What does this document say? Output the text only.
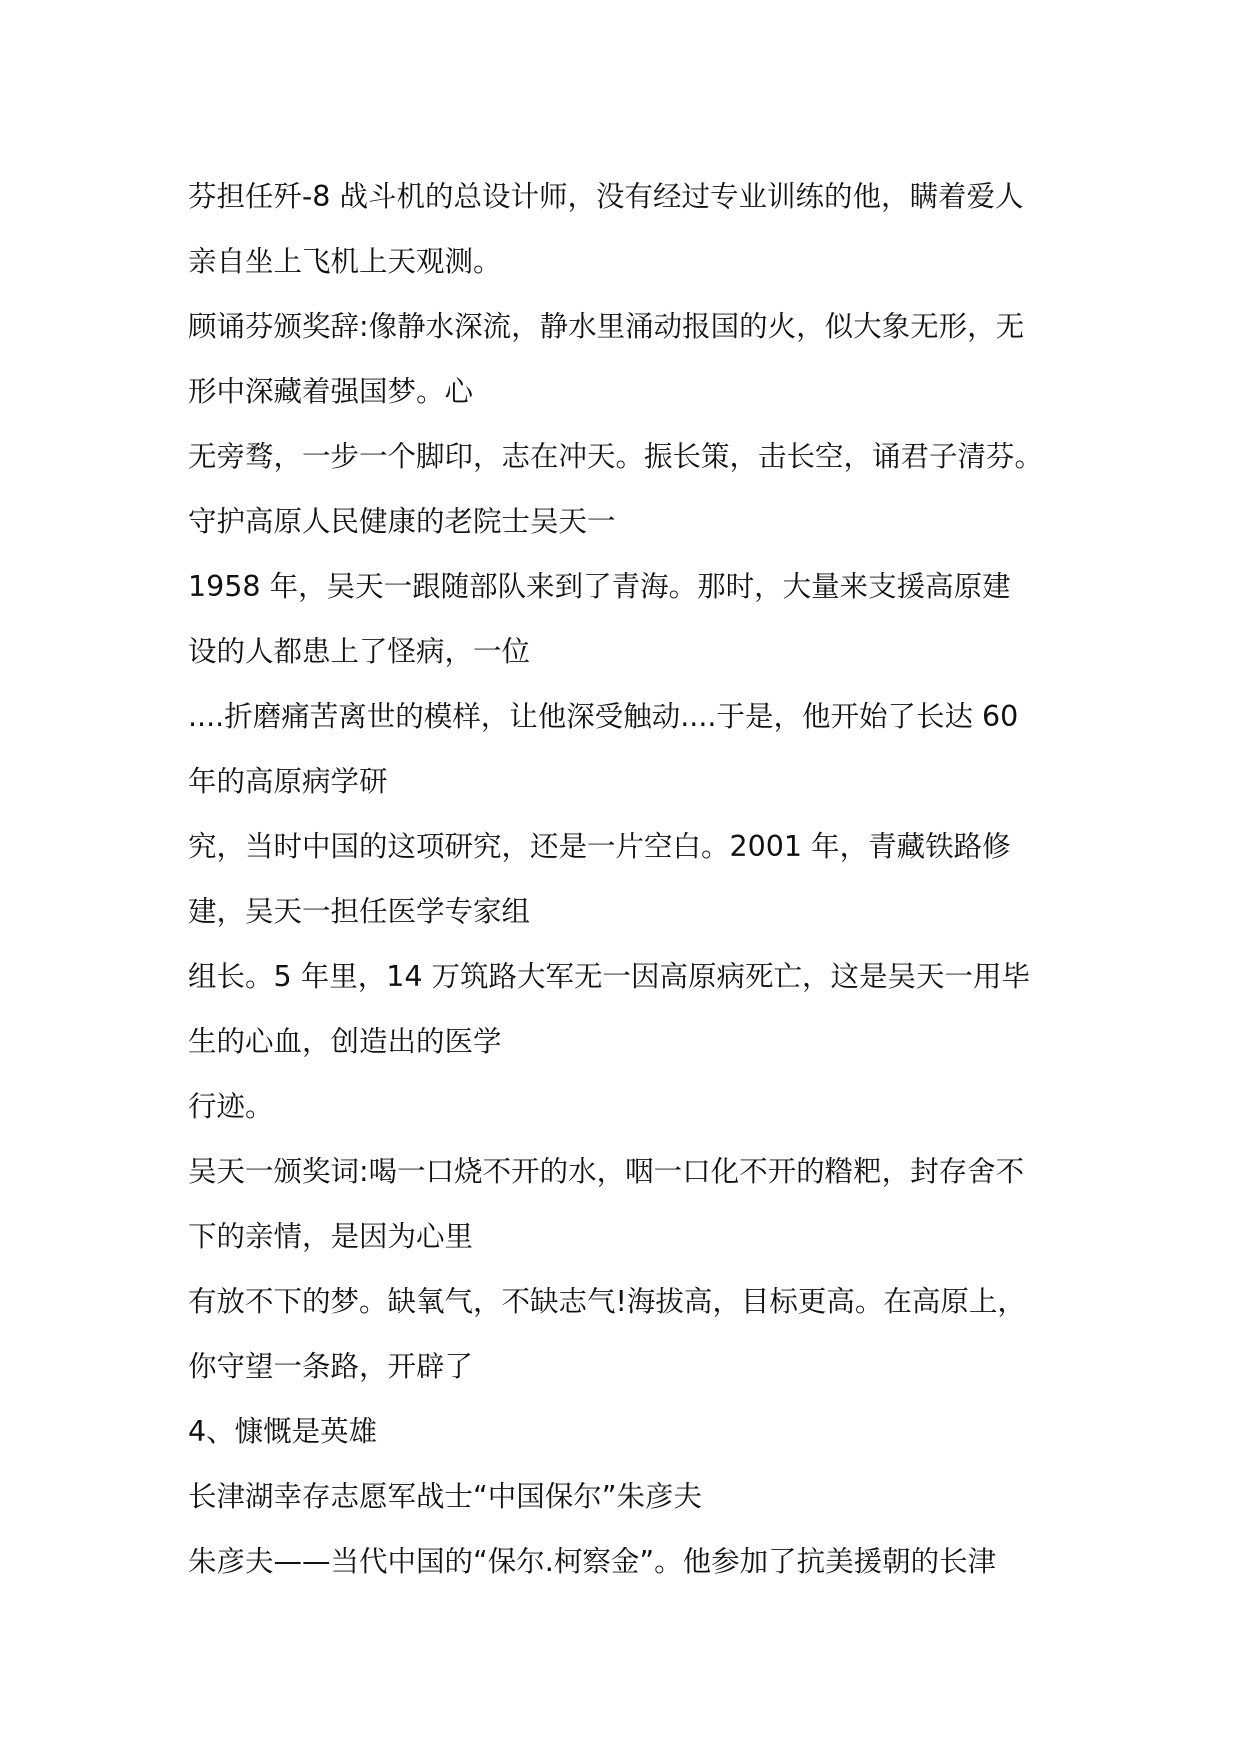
芬担任歼-8 战斗机的总设计师，没有经过专业训练的他，瞒着爱人
亲自坐上飞机上天观测。
顾诵芬颁奖辞:像静水深流，静水里涌动报国的火，似大象无形，无
形中深藏着强国梦。心
无旁骛，一步一个脚印，志在冲天。振长策，击长空，诵君子清芬。
守护高原人民健康的老院士吴天一
1958 年，吴天一跟随部队来到了青海。那时，大量来支援高原建
设的人都患上了怪病，一位
....折磨痛苦离世的模样，让他深受触动....于是，他开始了长达 60
年的高原病学研
究，当时中国的这项研究，还是一片空白。2001 年，青藏铁路修
建，吴天一担任医学专家组
组长。5 年里，14 万筑路大军无一因高原病死亡，这是吴天一用毕
生的心血，创造出的医学
行迹。
吴天一颁奖词:喝一口烧不开的水，咽一口化不开的糌粑，封存舍不
下的亲情，是因为心里
有放不下的梦。缺氧气，不缺志气!海拔高，目标更高。在高原上，
你守望一条路，开辟了
4、慷慨是英雄
长津湖幸存志愿军战士“中国保尔”朱彦夫
朱彦夫——当代中国的“保尔.柯察金”。他参加了抗美援朝的长津
